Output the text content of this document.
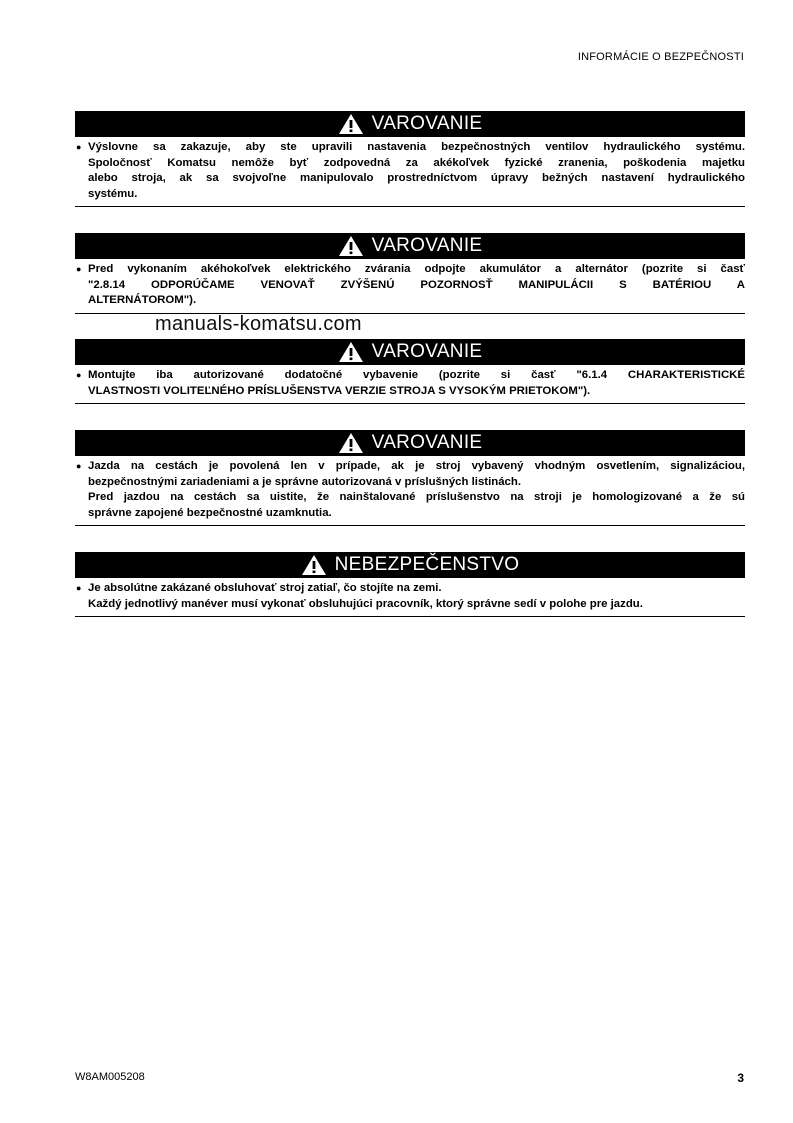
INFORMÁCIE O BEZPEČNOSTI
manuals-komatsu.com
VAROVANIE
● Výslovne sa zakazuje, aby ste upravili nastavenia bezpečnostných ventilov hydraulického systému.
Spoločnosť Komatsu nemôže byť zodpovedná za akékoľvek fyzické zranenia, poškodenia majetku
alebo stroja, ak sa svojvoľne manipulovalo prostredníctvom úpravy bežných nastavení hydraulického
systému.
VAROVANIE
● Pred vykonaním akéhokoľvek elektrického zvárania odpojte akumulátor a alternátor (pozrite si časť
"2.8.14 ODPORÚČAME VENOVAŤ ZVÝŠENÚ POZORNOSŤ MANIPULÁCII S BATÉRIOU A
ALTERNÁTOROM").
VAROVANIE
● Montujte iba autorizované dodatočné vybavenie (pozrite si časť "6.1.4 CHARAKTERISTICKÉ
VLASTNOSTI VOLITEĽNÉHO PRÍSLUŠENSTVA VERZIE STROJA S VYSOKÝM PRIETOKOM").
VAROVANIE
● Jazda na cestách je povolená len v prípade, ak je stroj vybavený vhodným osvetlením, signalizáciou,
bezpečnostnými zariadeniami a je správne autorizovaná v príslušných listinách.
Pred jazdou na cestách sa uistite, že nainštalované príslušenstvo na stroji je homologizované a že sú
správne zapojené bezpečnostné uzamknutia.
NEBEZPEČENSTVO
● Je absolútne zakázané obsluhovať stroj zatiaľ, čo stojíte na zemi.
Každý jednotlivý manéver musí vykonať obsluhujúci pracovník, ktorý správne sedí v polohe pre jazdu.
W8AM005208	3
